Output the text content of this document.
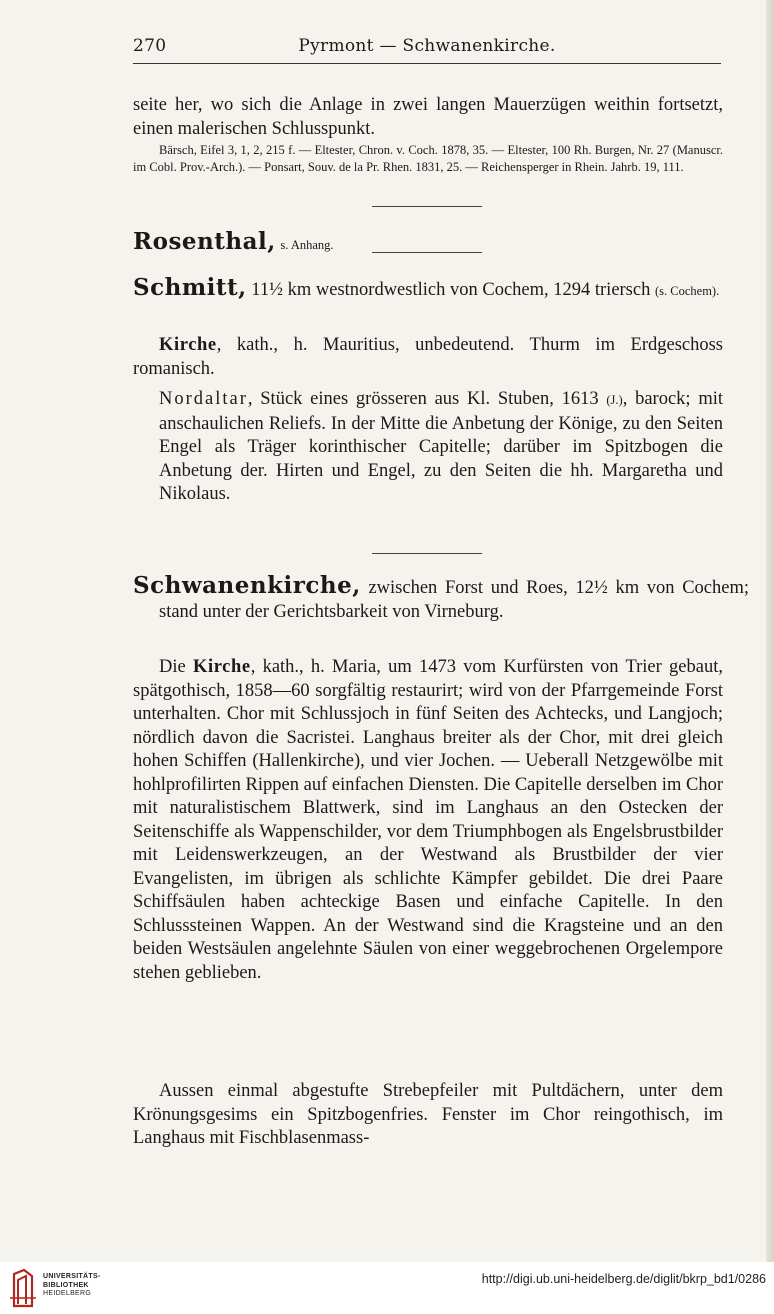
270	Pyrmont — Schwanenkirche.
seite her, wo sich die Anlage in zwei langen Mauerzügen weithin fortsetzt, einen malerischen Schlusspunkt.
Bärsch, Eifel 3, 1, 2, 215 f. — Eltester, Chron. v. Coch. 1878, 35. — Eltester, 100 Rh. Burgen, Nr. 27 (Manuscr. im Cobl. Prov.-Arch.). — Ponsart, Souv. de la Pr. Rhen. 1831, 25. — Reichensperger in Rhein. Jahrb. 19, 111.
Rosenthal, s. Anhang.
Schmitt, 11½ km westnordwestlich von Cochem, 1294 triersch (s. Cochem).
Kirche, kath., h. Mauritius, unbedeutend. Thurm im Erdgeschoss romanisch.
Nordaltar, Stück eines grösseren aus Kl. Stuben, 1613 (J.), barock; mit anschaulichen Reliefs. In der Mitte die Anbetung der Könige, zu den Seiten Engel als Träger korinthischer Capitelle; darüber im Spitzbogen die Anbetung der. Hirten und Engel, zu den Seiten die hh. Margaretha und Nikolaus.
Schwanenkirche, zwischen Forst und Roes, 12½ km von Cochem; stand unter der Gerichtsbarkeit von Virneburg.
Die Kirche, kath., h. Maria, um 1473 vom Kurfürsten von Trier gebaut, spätgothisch, 1858—60 sorgfältig restaurirt; wird von der Pfarrgemeinde Forst unterhalten. Chor mit Schlussjoch in fünf Seiten des Achtecks, und Langjoch; nördlich davon die Sacristei. Langhaus breiter als der Chor, mit drei gleich hohen Schiffen (Hallenkirche), und vier Jochen. — Ueberall Netzgewölbe mit hohlprofilirten Rippen auf einfachen Diensten. Die Capitelle derselben im Chor mit naturalistischem Blattwerk, sind im Langhaus an den Ostecken der Seitenschiffe als Wappenschilder, vor dem Triumphbogen als Engelsbrustbilder mit Leidenswerkzeugen, an der Westwand als Brustbilder der vier Evangelisten, im übrigen als schlichte Kämpfer gebildet. Die drei Paare Schiffsäulen haben achteckige Basen und einfache Capitelle. In den Schlusssteinen Wappen. An der Westwand sind die Kragsteine und an den beiden Westsäulen angelehnte Säulen von einer weggebrochenen Orgelempore stehen geblieben.
Aussen einmal abgestufte Strebepfeiler mit Pultdächern, unter dem Krönungsgesims ein Spitzbogenfries. Fenster im Chor reingothisch, im Langhaus mit Fischblasenmass-
UNIVERSITÄTS-
BIBLIOTHEK
HEIDELBERG
http://digi.ub.uni-heidelberg.de/diglit/bkrp_bd1/0286
